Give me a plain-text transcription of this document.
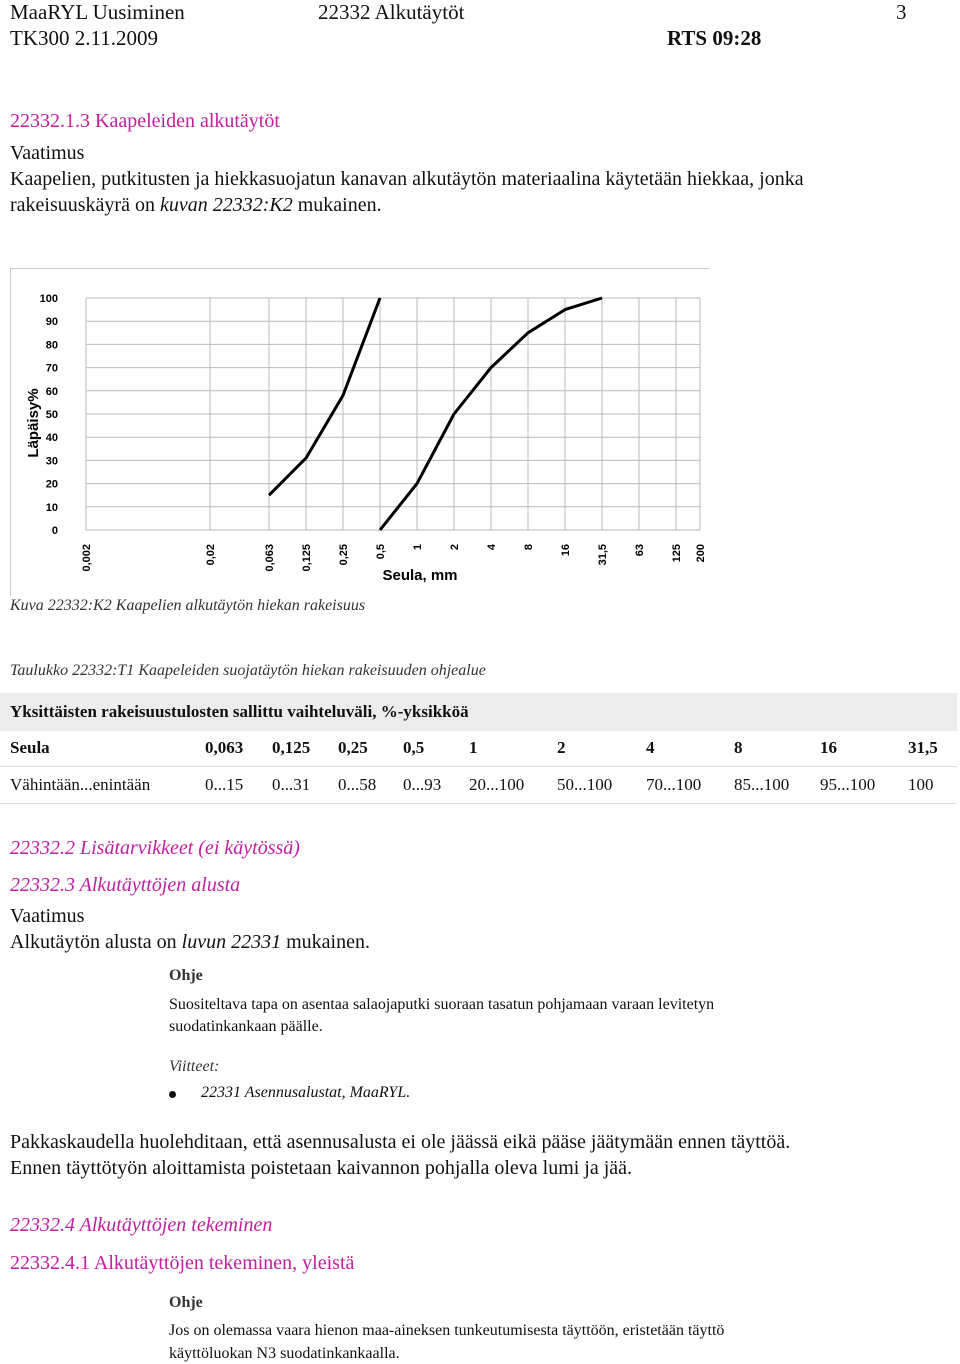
MaaRYL Uusiminen	22332 Alkutäytöt	3
TK300 2.11.2009	RTS 09:28
22332.1.3 Kaapeleiden alkutäytöt
Vaatimus
Kaapelien, putkitusten ja hiekkasuojatun kanavan alkutäytön materiaalina käytetään hiekkaa, jonka
rakeisuuskäyrä on kuvan 22332:K2 mukainen.
0
10
20
30
40
50
60
70
80
90
100
0,002	0,02	0,063 0,125 0,25 0,5 1 2 4 8 16 31,5 63 125 200
Läpäisy%
Seula, mm
Kuva 22332:K2 Kaapelien alkutäytön hiekan rakeisuus
Taulukko 22332:T1 Kaapeleiden suojatäytön hiekan rakeisuuden ohjealue
Yksittäisten rakeisuustulosten sallittu vaihteluväli, %-yksikköä
Seula	0,063 0,125 0,25 0,5	1	2	4	8	16	31,5
Vähintään...enintään	0...15 0...31 0...58 0...93 20...100 50...100 70...100 85...100 95...100 100
22332.2 Lisätarvikkeet (ei käytössä)
22332.3 Alkutäyttöjen alusta
Vaatimus
Alkutäytön alusta on luvun 22331 mukainen.
Ohje
Suositeltava tapa on asentaa salaojaputki suoraan tasatun pohjamaan varaan levitetyn
suodatinkankaan päälle.
Viitteet:
22331 Asennusalustat, MaaRYL.
Pakkaskaudella huolehditaan, että asennusalusta ei ole jäässä eikä pääse jäätymään ennen täyttöä.
Ennen täyttötyön aloittamista poistetaan kaivannon pohjalla oleva lumi ja jää.
22332.4 Alkutäyttöjen tekeminen
22332.4.1 Alkutäyttöjen tekeminen, yleistä
Ohje
Jos on olemassa vaara hienon maa-aineksen tunkeutumisesta täyttöön, eristetään täyttö
käyttöluokan N3 suodatinkankaalla.
